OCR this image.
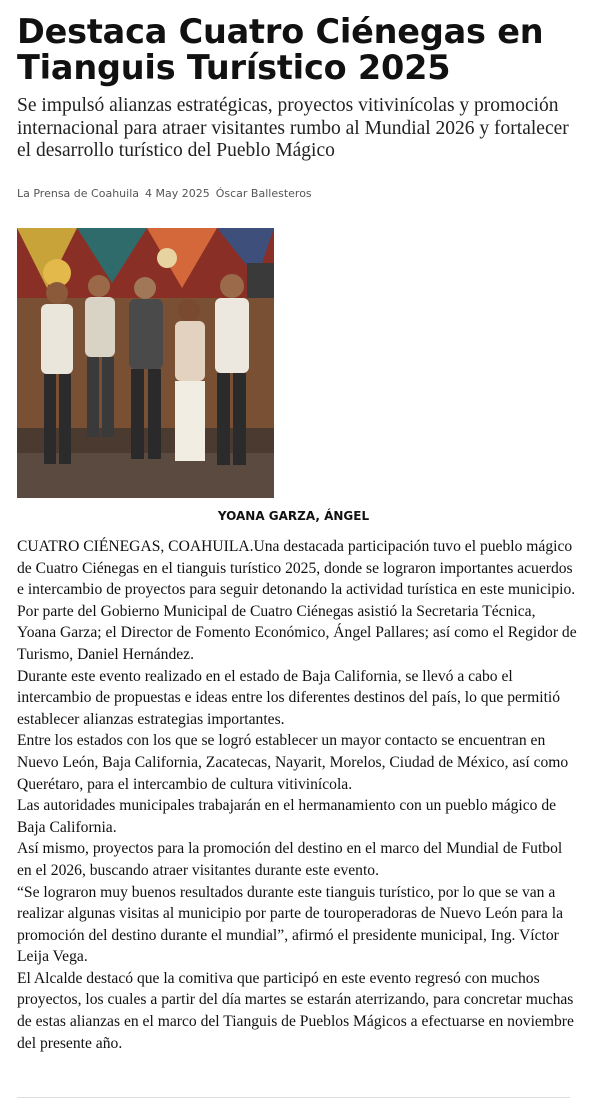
Destaca Cuatro Ciénegas en Tianguis Turístico 2025

Se impulsó alianzas estratégicas, proyectos vitivinícolas y promoción internacional para atraer visitantes rumbo al Mundial 2026 y fortalecer el desarrollo turístico del Pueblo Mágico

La Prensa de Coahuila 4 May 2025 Óscar Ballesteros
YOANA GARZA, ÁNGEL

CUATRO CIÉNEGAS, COAHUILA.Una destacada participación tuvo el pueblo mágico de Cuatro Ciénegas en el tianguis turístico 2025, donde se lograron importantes acuerdos e intercambio de proyectos para seguir detonando la actividad turística en este municipio.

Por parte del Gobierno Municipal de Cuatro Ciénegas asistió la Secretaria Técnica, Yoana Garza; el Director de Fomento Económico, Ángel Pallares; así como el Regidor de Turismo, Daniel Hernández.

Durante este evento realizado en el estado de Baja California, se llevó a cabo el intercambio de propuestas e ideas entre los diferentes destinos del país, lo que permitió establecer alianzas estrategias importantes.

Entre los estados con los que se logró establecer un mayor contacto se encuentran en Nuevo León, Baja California, Zacatecas, Nayarit, Morelos, Ciudad de México, así como Querétaro, para el intercambio de cultura vitivinícola.

Las autoridades municipales trabajarán en el hermanamiento con un pueblo mágico de Baja California.

Así mismo, proyectos para la promoción del destino en el marco del Mundial de Futbol en el 2026, buscando atraer visitantes durante este evento.

“Se lograron muy buenos resultados durante este tianguis turístico, por lo que se van a realizar algunas visitas al municipio por parte de touroperadoras de Nuevo León para la promoción del destino durante el mundial”, afirmó el presidente municipal, Ing. Víctor Leija Vega.

El Alcalde destacó que la comitiva que participó en este evento regresó con muchos proyectos, los cuales a partir del día martes se estarán aterrizando, para concretar muchas de estas alianzas en el marco del Tianguis de Pueblos Mágicos a efectuarse en noviembre del presente año.
